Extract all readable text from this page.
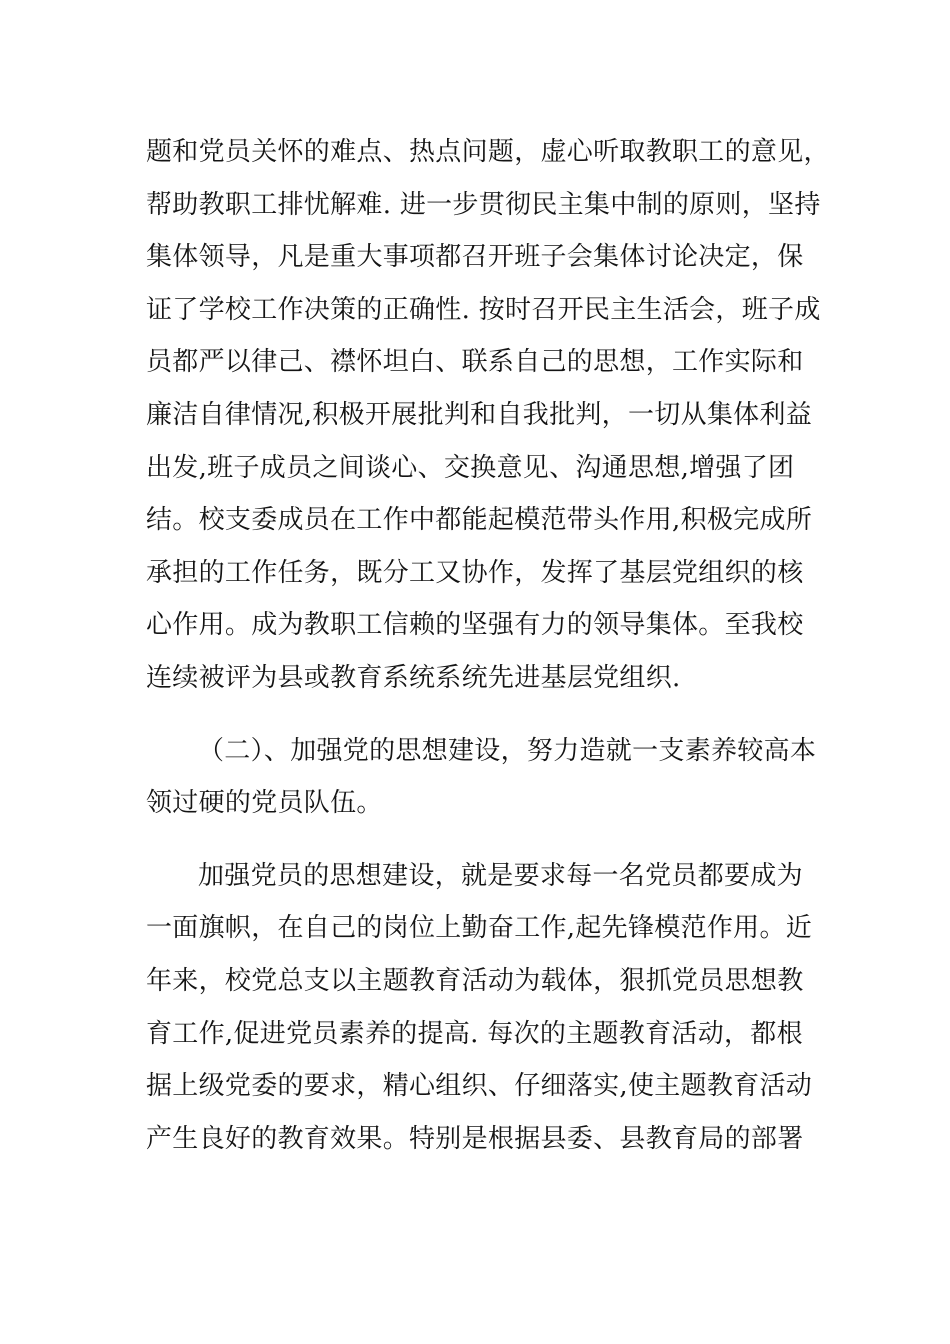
题和党员关怀的难点、热点问题，虚心听取教职工的意见，
帮助教职工排忧解难. 进一步贯彻民主集中制的原则，坚持
集体领导，凡是重大事项都召开班子会集体讨论决定，保
证了学校工作决策的正确性. 按时召开民主生活会，班子成
员都严以律己、襟怀坦白、联系自己的思想，工作实际和
廉洁自律情况,积极开展批判和自我批判，一切从集体利益
出发,班子成员之间谈心、交换意见、沟通思想,增强了团
结。校支委成员在工作中都能起模范带头作用,积极完成所
承担的工作任务，既分工又协作，发挥了基层党组织的核
心作用。成为教职工信赖的坚强有力的领导集体。至我校
连续被评为县或教育系统系统先进基层党组织.
（二）、加强党的思想建设，努力造就一支素养较高本
领过硬的党员队伍。
加强党员的思想建设，就是要求每一名党员都要成为
一面旗帜，在自己的岗位上勤奋工作,起先锋模范作用。近
年来，校党总支以主题教育活动为载体，狠抓党员思想教
育工作,促进党员素养的提高. 每次的主题教育活动，都根
据上级党委的要求，精心组织、仔细落实,使主题教育活动
产生良好的教育效果。特别是根据县委、县教育局的部署
